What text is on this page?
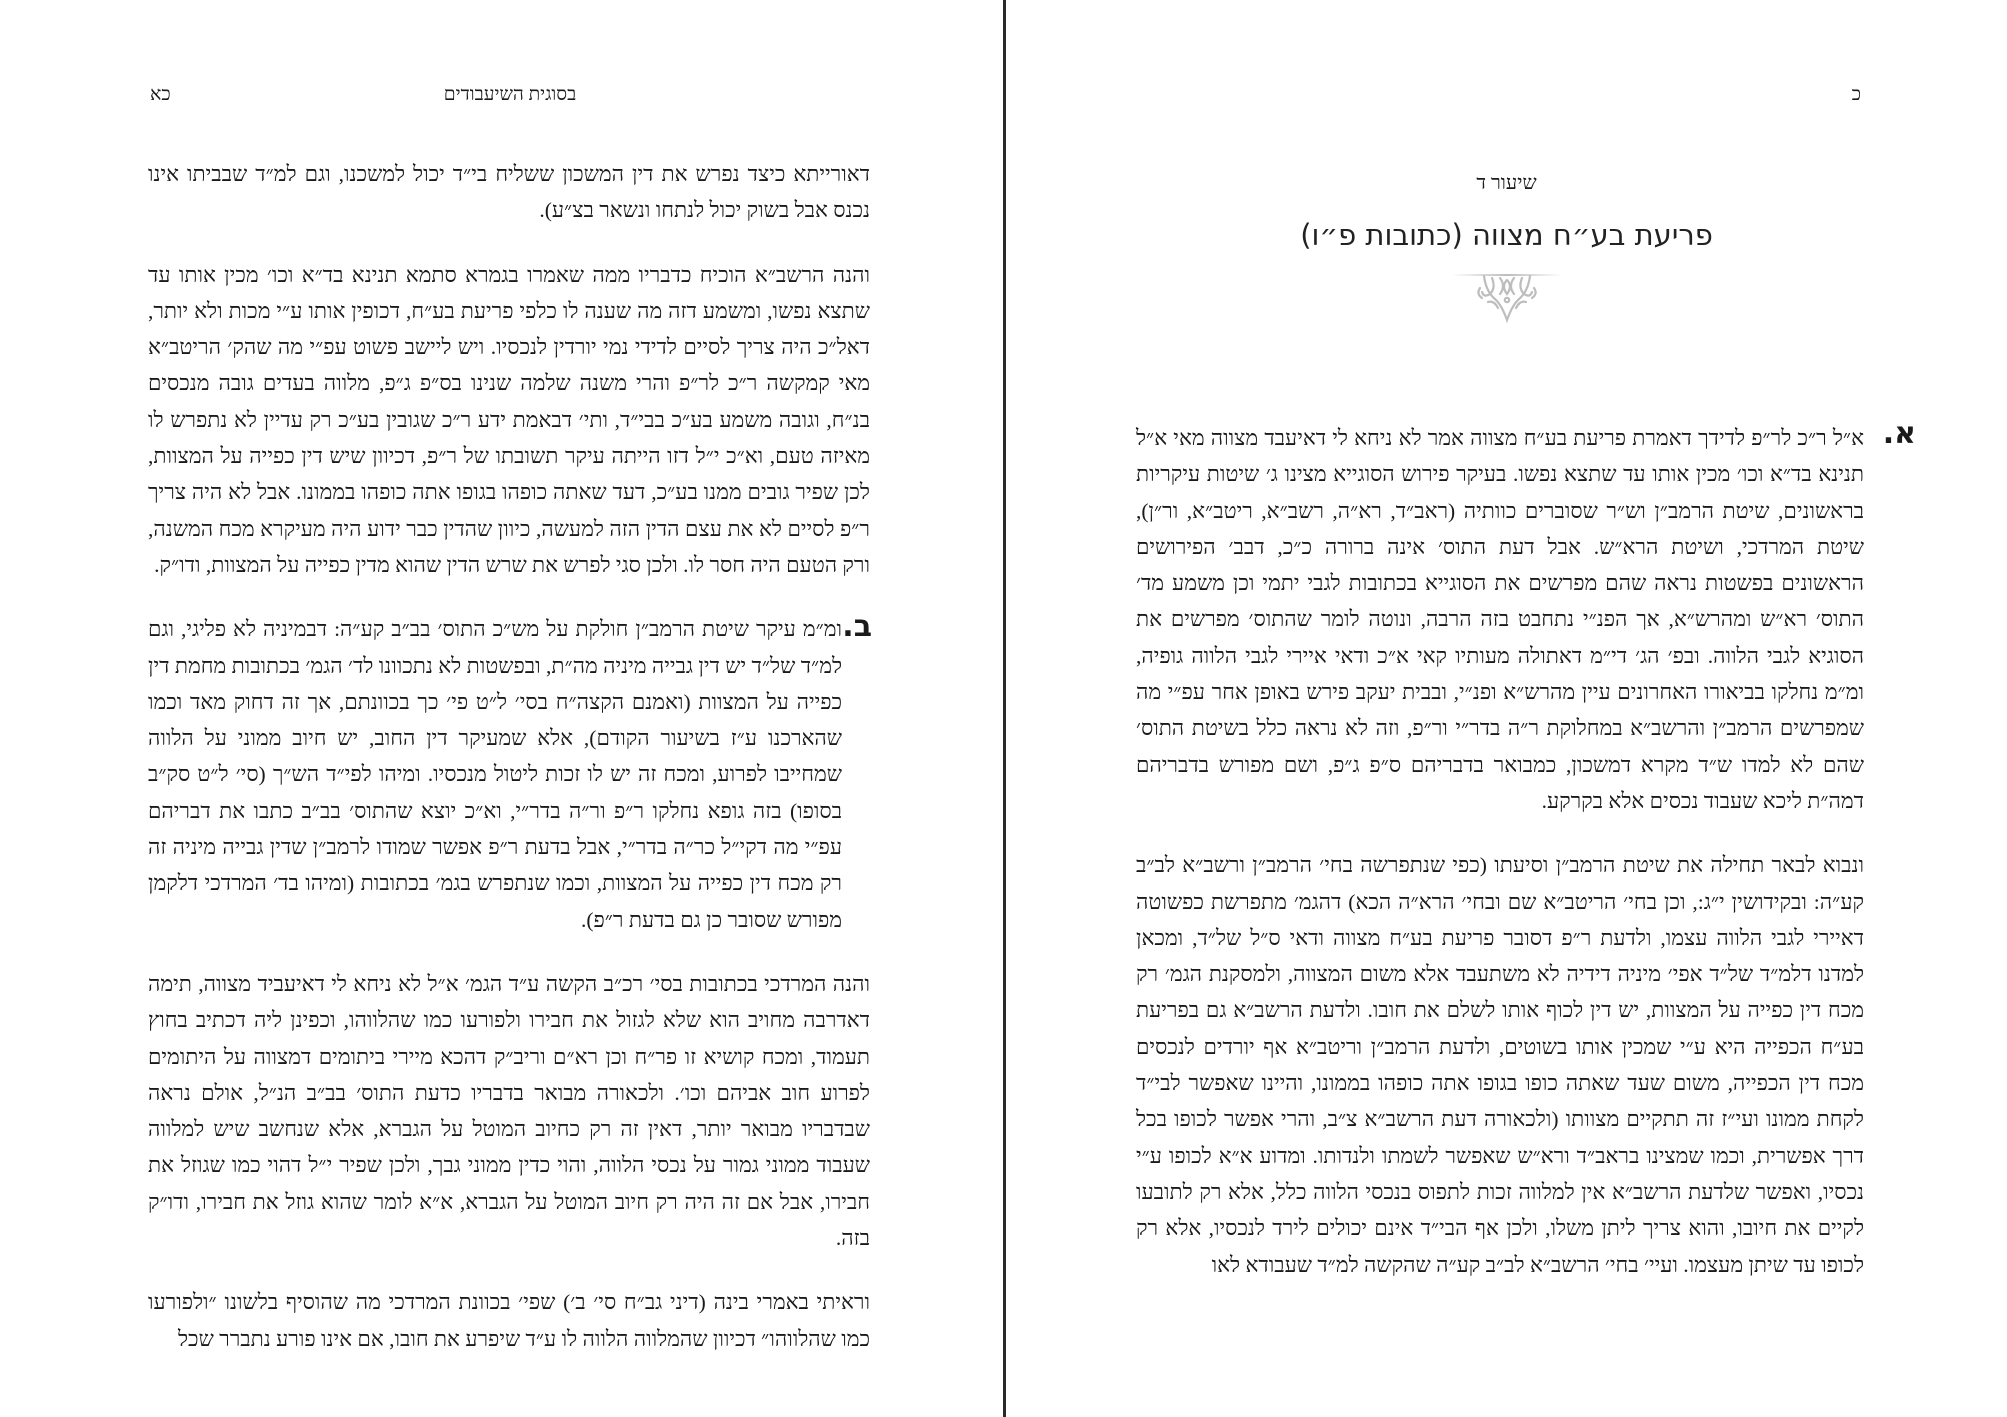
כא	בסוגית השיעבודים

דאורייתא כיצד נפרש את דין המשכון ששליח בי״ד יכול למשכנו, וגם למ״ד שבביתו אינו נכנס אבל בשוק יכול לנתחו ונשאר בצ״ע).

והנה הרשב״א הוכיח כדבריו ממה שאמרו בגמרא סתמא תנינא בד״א וכו׳ מכין אותו עד שתצא נפשו, ומשמע דזה מה שענה לו כלפי פריעת בע״ח, דכופין אותו ע״י מכות ולא יותר, דאל״כ היה צריך לסיים לדידי נמי יורדין לנכסיו. ויש ליישב פשוט עפ״י מה שהק׳ הריטב״א מאי קמקשה ר״כ לר״פ והרי משנה שלמה שנינו בס״פ ג״פ, מלווה בעדים גובה מנכסים בנ״ח, וגובה משמע בע״כ בבי״ד, ותי׳ דבאמת ידע ר״כ שגובין בע״כ רק עדיין לא נתפרש לו מאיזה טעם, וא״כ י״ל דזו הייתה עיקר תשובתו של ר״פ, דכיוון שיש דין כפייה על המצוות, לכן שפיר גובים ממנו בע״כ, דעד שאתה כופהו בגופו אתה כופהו בממונו. אבל לא היה צריך ר״פ לסיים לא את עצם הדין הזה למעשה, כיוון שהדין כבר ידוע היה מעיקרא מכח המשנה, ורק הטעם היה חסר לו. ולכן סגי לפרש את שרש הדין שהוא מדין כפייה על המצוות, ודו״ק.

ב.
ומ״מ עיקר שיטת הרמב״ן חולקת על מש״כ התוס׳ בב״ב קע״ה: דבמיניה לא פליגי, וגם למ״ד של״ד יש דין גבייה מיניה מה״ת, ובפשטות לא נתכוונו לד׳ הגמ׳ בכתובות מחמת דין כפייה על המצוות (ואמנם הקצה״ח בסי׳ ל״ט פי׳ כך בכוונתם, אך זה דחוק מאד וכמו שהארכנו ע״ז בשיעור הקודם), אלא שמעיקר דין החוב, יש חיוב ממוני על הלווה שמחייבו לפרוע, ומכח זה יש לו זכות ליטול מנכסיו. ומיהו לפי״ד הש״ך (סי׳ ל״ט סק״ב בסופו) בזה גופא נחלקו ר״פ ור״ה בדר״י, וא״כ יוצא שהתוס׳ בב״ב כתבו את דבריהם עפ״י מה דקי״ל כר״ה בדר״י, אבל בדעת ר״פ אפשר שמודו לרמב״ן שדין גבייה מיניה זה רק מכח דין כפייה על המצוות, וכמו שנתפרש בגמ׳ בכתובות (ומיהו בד׳ המרדכי דלקמן מפורש שסובר כן גם בדעת ר״פ).

והנה המרדכי בכתובות בסי׳ רכ״ב הקשה ע״ד הגמ׳ א״ל לא ניחא לי דאיעביד מצווה, תימה דאדרבה מחויב הוא שלא לגזול את חבירו ולפורעו כמו שהלווהו, וכפינן ליה דכתיב בחוץ תעמוד, ומכח קושיא זו פר״ח וכן רא״ם וריב״ק דהכא מיירי ביתומים דמצווה על היתומים לפרוע חוב אביהם וכו׳. ולכאורה מבואר בדבריו כדעת התוס׳ בב״ב הנ״ל, אולם נראה שבדבריו מבואר יותר, דאין זה רק כחיוב המוטל על הגברא, אלא שנחשב שיש למלווה שעבוד ממוני גמור על נכסי הלווה, והוי כדין ממוני גבך, ולכן שפיר י״ל דהוי כמו שגוזל את חבירו, אבל אם זה היה רק חיוב המוטל על הגברא, א״א לומר שהוא גוזל את חבירו, ודו״ק בזה.

וראיתי באמרי בינה (דיני גב״ח סי׳ ב׳) שפי׳ בכוונת המרדכי מה שהוסיף בלשונו ״ולפורעו כמו שהלווהו״ דכיוון שהמלווה הלווה לו ע״ד שיפרע את חובו, אם אינו פורע נתברר שכל

כ
שיעור ד
פריעת בע״ח מצווה (כתובות פ״ו)
א.
א״ל ר״כ לר״פ לדידך דאמרת פריעת בע״ח מצווה אמר לא ניחא לי דאיעבד מצווה מאי א״ל תנינא בד״א וכו׳ מכין אותו עד שתצא נפשו. בעיקר פירוש הסוגייא מצינו ג׳ שיטות עיקריות בראשונים, שיטת הרמב״ן וש״ר שסוברים כוותיה (ראב״ד, רא״ה, רשב״א, ריטב״א, ור״ן), שיטת המרדכי, ושיטת הרא״ש. אבל דעת התוס׳ אינה ברורה כ״כ, דבב׳ הפירושים הראשונים בפשטות נראה שהם מפרשים את הסוגייא בכתובות לגבי יתמי וכן משמע מד׳ התוס׳ רא״ש ומהרש״א, אך הפנ״י נתחבט בזה הרבה, ונוטה לומר שהתוס׳ מפרשים את הסוגיא לגבי הלווה. ובפ׳ הג׳ די״מ דאתולה מעותיו קאי א״כ ודאי איירי לגבי הלווה גופיה, ומ״מ נחלקו בביאורו האחרונים עיין מהרש״א ופנ״י, ובבית יעקב פירש באופן אחר עפ״י מה שמפרשים הרמב״ן והרשב״א במחלוקת ר״ה בדר״י ור״פ, וזה לא נראה כלל בשיטת התוס׳ שהם לא למדו ש״ד מקרא דמשכון, כמבואר בדבריהם ס״פ ג״פ, ושם מפורש בדבריהם דמה״ת ליכא שעבוד נכסים אלא בקרקע.

ונבוא לבאר תחילה את שיטת הרמב״ן וסיעתו (כפי שנתפרשה בחי׳ הרמב״ן ורשב״א לב״ב קע״ה: ובקידושין י״ג:, וכן בחי׳ הריטב״א שם ובחי׳ הרא״ה הכא) דהגמ׳ מתפרשת כפשוטה דאיירי לגבי הלווה עצמו, ולדעת ר״פ דסובר פריעת בע״ח מצווה ודאי ס״ל של״ד, ומכאן למדנו דלמ״ד של״ד אפי׳ מיניה דידיה לא משתעבד אלא משום המצווה, ולמסקנת הגמ׳ רק מכח דין כפייה על המצוות, יש דין לכוף אותו לשלם את חובו. ולדעת הרשב״א גם בפריעת בע״ח הכפייה היא ע״י שמכין אותו בשוטים, ולדעת הרמב״ן וריטב״א אף יורדים לנכסים מכח דין הכפייה, משום שעד שאתה כופו בגופו אתה כופהו בממונו, והיינו שאפשר לבי״ד לקחת ממונו ועי״ז זה תתקיים מצוותו (ולכאורה דעת הרשב״א צ״ב, והרי אפשר לכופו בכל דרך אפשרית, וכמו שמצינו בראב״ד ורא״ש שאפשר לשמתו ולנדותו. ומדוע א״א לכופו ע״י נכסיו, ואפשר שלדעת הרשב״א אין למלווה זכות לתפוס בנכסי הלווה כלל, אלא רק לתובעו לקיים את חיובו, והוא צריך ליתן משלו, ולכן אף הבי״ד אינם יכולים לירד לנכסיו, אלא רק לכופו עד שיתן מעצמו. ועיי׳ בחי׳ הרשב״א לב״ב קע״ה שהקשה למ״ד שעבודא לאו
